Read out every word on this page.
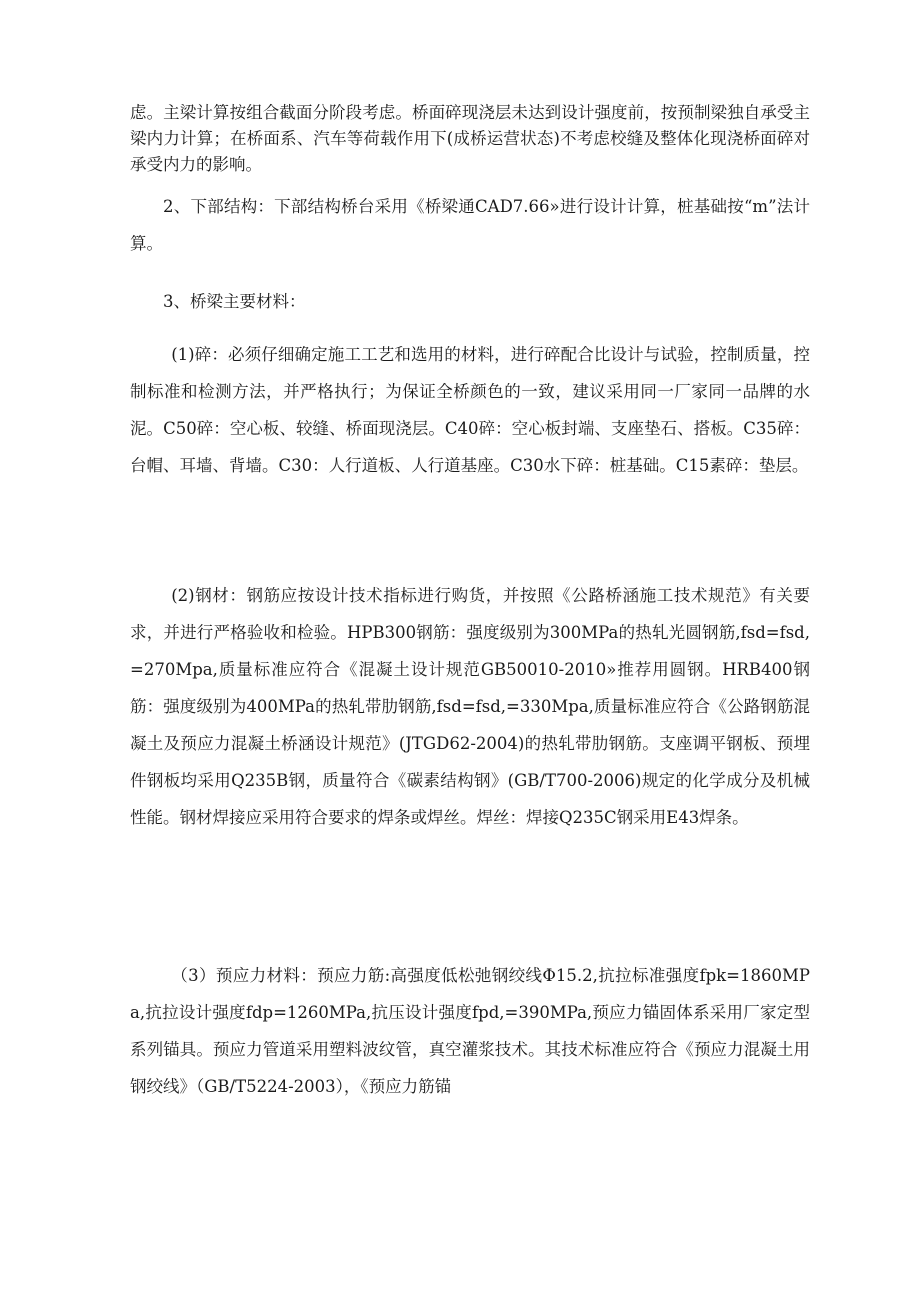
虑。主梁计算按组合截面分阶段考虑。桥面碎现浇层未达到设计强度前，按预制梁独自承受主梁内力计算；在桥面系、汽车等荷载作用下(成桥运营状态)不考虑校缝及整体化现浇桥面碎对承受内力的影响。

2、下部结构：下部结构桥台采用《桥梁通CAD7.66»进行设计计算，桩基础按“m”法计算。

3、桥梁主要材料：

(1)碎：必须仔细确定施工工艺和选用的材料，进行碎配合比设计与试验，控制质量，控制标准和检测方法，并严格执行；为保证全桥颜色的一致，建议采用同一厂家同一品牌的水泥。C50碎：空心板、较缝、桥面现浇层。C40碎：空心板封端、支座垫石、搭板。C35碎：台帽、耳墙、背墙。C30：人行道板、人行道基座。C30水下碎：桩基础。C15素碎：垫层。

(2)钢材：钢筋应按设计技术指标进行购货，并按照《公路桥涵施工技术规范》有关要求，并进行严格验收和检验。HPB300钢筋：强度级别为300MPa的热轧光圆钢筋,fsd=fsd,=270Mpa,质量标准应符合《混凝土设计规范GB50010-2010»推荐用圆钢。HRB400钢筋：强度级别为400MPa的热轧带肋钢筋,fsd=fsd,=330Mpa,质量标准应符合《公路钢筋混凝土及预应力混凝土桥涵设计规范》(JTGD62-2004)的热轧带肋钢筋。支座调平钢板、预埋件钢板均采用Q235B钢，质量符合《碳素结构钢》(GB/T700-2006)规定的化学成分及机械性能。钢材焊接应采用符合要求的焊条或焊丝。焊丝：焊接Q235C钢采用E43焊条。

（3）预应力材料：预应力筋:高强度低松弛钢绞线Φ15.2,抗拉标准强度fpk=1860MPa,抗拉设计强度fdp=1260MPa,抗压设计强度fpd,=390MPa,预应力锚固体系采用厂家定型系列锚具。预应力管道采用塑料波纹管，真空灌浆技术。其技术标准应符合《预应力混凝土用钢绞线》（GB/T5224-2003），《预应力筋锚
